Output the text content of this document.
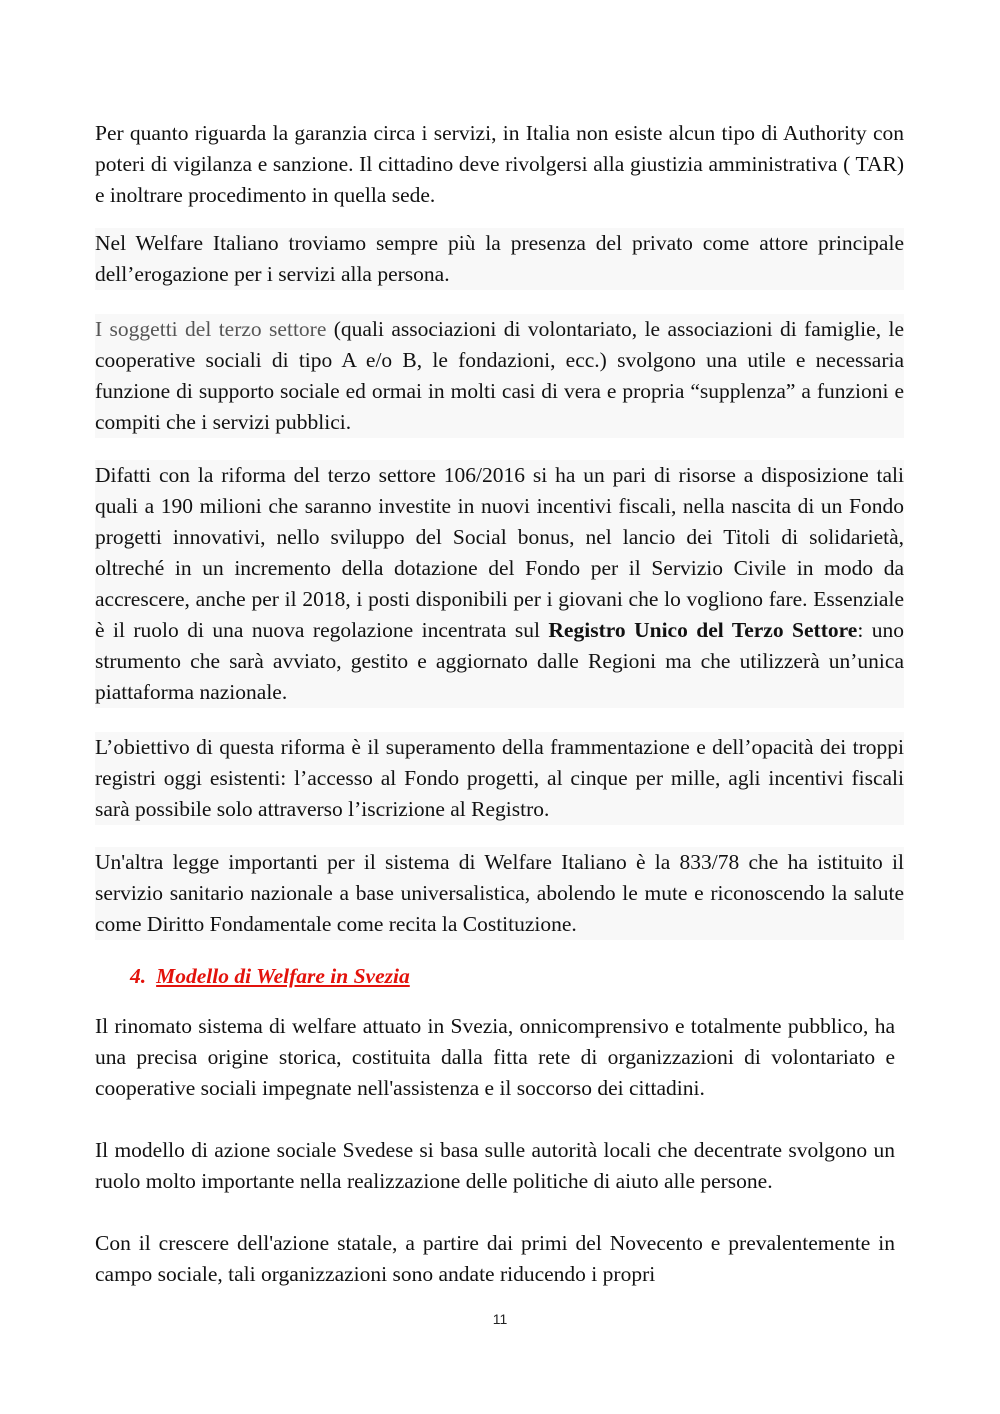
Per quanto riguarda la garanzia circa i servizi, in Italia non esiste alcun tipo di Authority con poteri di vigilanza e sanzione. Il cittadino deve rivolgersi alla giustizia amministrativa ( TAR) e inoltrare procedimento in quella sede.

Nel Welfare Italiano troviamo sempre più la presenza del privato come attore principale dell’erogazione per i servizi alla persona.

I soggetti del terzo settore (quali associazioni di volontariato, le associazioni di famiglie, le cooperative sociali di tipo A e/o B, le fondazioni, ecc.) svolgono una utile e necessaria funzione di supporto sociale ed ormai in molti casi di vera e propria “supplenza” a funzioni e compiti che i servizi pubblici.

Difatti con la riforma del terzo settore 106/2016 si ha un pari di risorse a disposizione tali quali a 190 milioni che saranno investite in nuovi incentivi fiscali, nella nascita di un Fondo progetti innovativi, nello sviluppo del Social bonus, nel lancio dei Titoli di solidarietà, oltreché in un incremento della dotazione del Fondo per il Servizio Civile in modo da accrescere, anche per il 2018, i posti disponibili per i giovani che lo vogliono fare. Essenziale è il ruolo di una nuova regolazione incentrata sul Registro Unico del Terzo Settore: uno strumento che sarà avviato, gestito e aggiornato dalle Regioni ma che utilizzerà un’unica piattaforma nazionale.

L’obiettivo di questa riforma è il superamento della frammentazione e dell’opacità dei troppi registri oggi esistenti: l’accesso al Fondo progetti, al cinque per mille, agli incentivi fiscali sarà possibile solo attraverso l’iscrizione al Registro.

Un'altra legge importanti per il sistema di Welfare Italiano è la 833/78 che ha istituito il servizio sanitario nazionale a base universalistica, abolendo le mute e riconoscendo la salute come Diritto Fondamentale come recita la Costituzione.

4. Modello di Welfare in Svezia

Il rinomato sistema di welfare attuato in Svezia, onnicomprensivo e totalmente pubblico, ha una precisa origine storica, costituita dalla fitta rete di organizzazioni di volontariato e cooperative sociali impegnate nell'assistenza e il soccorso dei cittadini.

Il modello di azione sociale Svedese si basa sulle autorità locali che decentrate svolgono un ruolo molto importante nella realizzazione delle politiche di aiuto alle persone.

Con il crescere dell'azione statale, a partire dai primi del Novecento e prevalentemente in campo sociale, tali organizzazioni sono andate riducendo i propri

11
